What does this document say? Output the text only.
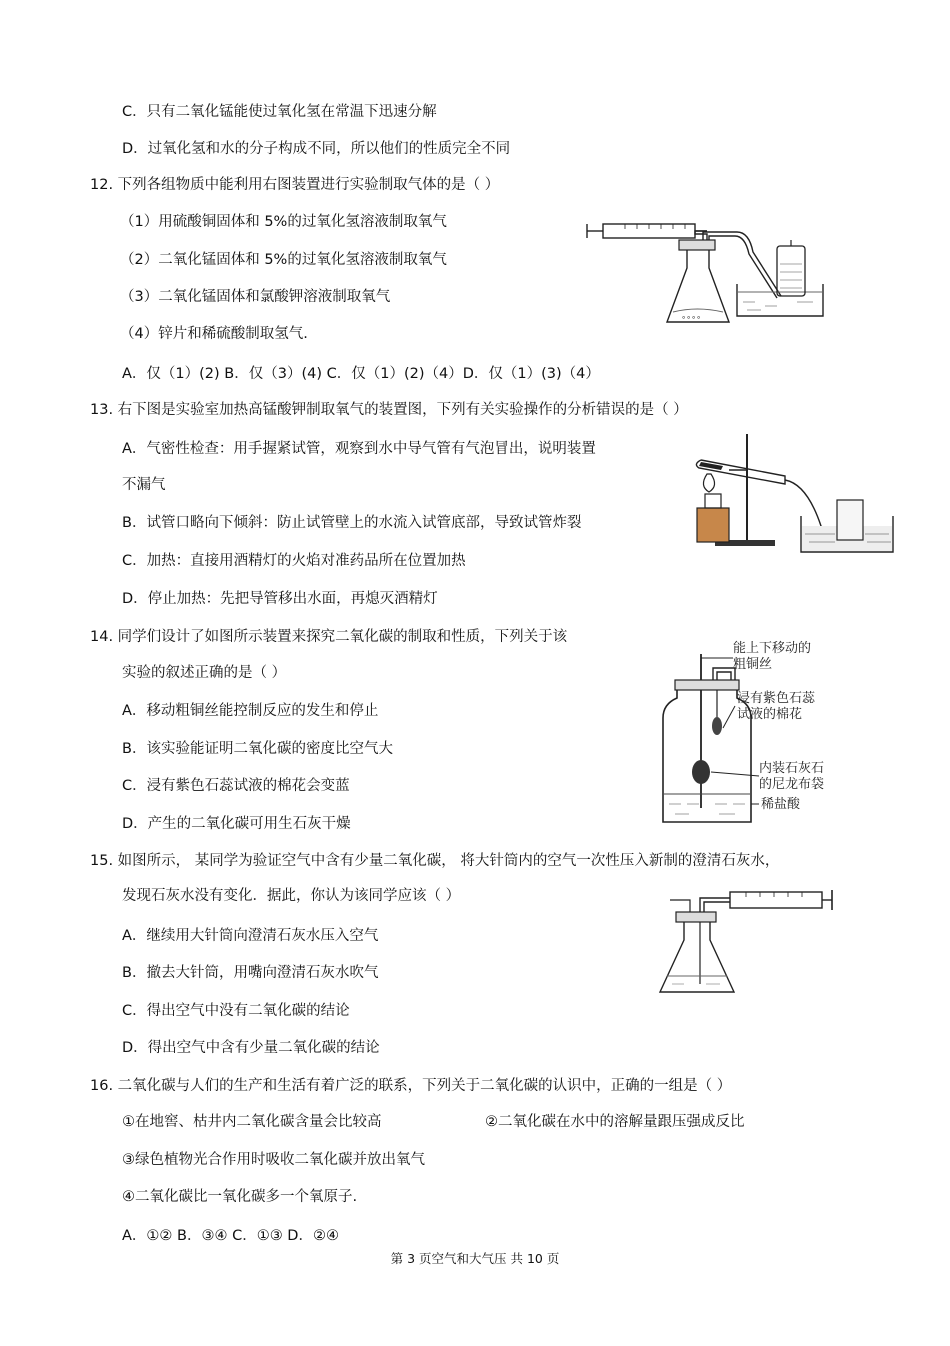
C．只有二氧化锰能使过氧化氢在常温下迅速分解
D．过氧化氢和水的分子构成不同，所以他们的性质完全不同
12. 下列各组物质中能利用右图装置进行实验制取气体的是（ ）
（1）用硫酸铜固体和 5%的过氧化氢溶液制取氧气
（2）二氧化锰固体和 5%的过氧化氢溶液制取氧气
（3）二氧化锰固体和氯酸钾溶液制取氧气
（4）锌片和稀硫酸制取氢气.
A．仅（1）(2) B．仅（3）(4) C．仅（1）(2)（4）D．仅（1）(3)（4）
∘∘∘∘
13. 右下图是实验室加热高锰酸钾制取氧气的装置图，下列有关实验操作的分析错误的是（ ）
A．气密性检查：用手握紧试管，观察到水中导气管有气泡冒出，说明装置
不漏气
B．试管口略向下倾斜：防止试管壁上的水流入试管底部，导致试管炸裂
C．加热：直接用酒精灯的火焰对准药品所在位置加热
D．停止加热：先把导管移出水面，再熄灭酒精灯
14. 同学们设计了如图所示装置来探究二氧化碳的制取和性质，下列关于该
实验的叙述正确的是（ ）
A．移动粗铜丝能控制反应的发生和停止
B．该实验能证明二氧化碳的密度比空气大
C．浸有紫色石蕊试液的棉花会变蓝
D．产生的二氧化碳可用生石灰干燥
能上下移动的
粗铜丝
浸有紫色石蕊
试液的棉花
内装石灰石
的尼龙布袋
稀盐酸
15. 如图所示， 某同学为验证空气中含有少量二氧化碳， 将大针筒内的空气一次性压入新制的澄清石灰水，
发现石灰水没有变化．据此，你认为该同学应该（ ）
A．继续用大针筒向澄清石灰水压入空气
B．撤去大针筒，用嘴向澄清石灰水吹气
C．得出空气中没有二氧化碳的结论
D．得出空气中含有少量二氧化碳的结论
16. 二氧化碳与人们的生产和生活有着广泛的联系，下列关于二氧化碳的认识中，正确的一组是（ ）
①在地窖、枯井内二氧化碳含量会比较高	②二氧化碳在水中的溶解量跟压强成反比
③绿色植物光合作用时吸收二氧化碳并放出氧气
④二氧化碳比一氧化碳多一个氧原子.
A．①② B．③④ C．①③ D．②④
第 3 页空气和大气压 共 10 页
